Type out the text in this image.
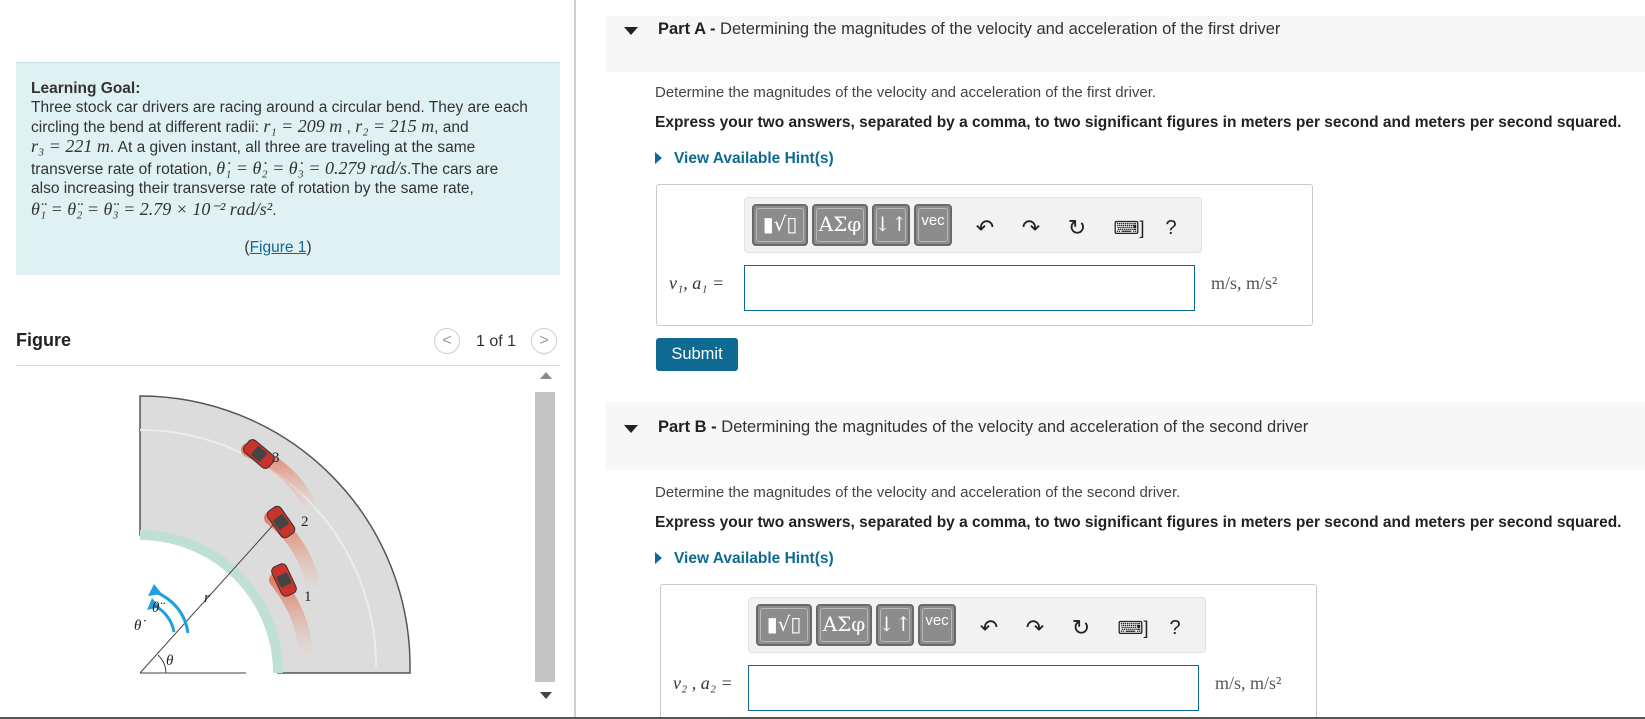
Learning Goal:

Three stock car drivers are racing around a circular bend. They are each

circling the bend at different radii: r₁ = 209 m , r₂ = 215 m, and

r₃ = 221 m. At a given instant, all three are traveling at the same

transverse rate of rotation, θ̇₁ = θ̇₂ = θ̇₃ = 0.279 rad/s.The cars are

also increasing their transverse rate of rotation by the same rate,

θ̈₁ = θ̈₂ = θ̈₃ = 2.79 × 10⁻² rad/s².

(Figure 1)
Figure	<	1 of 1	>
3
2
1
r
θ
θ̇
θ̈
Part A - Determining the magnitudes of the velocity and acceleration of the first driver
Determine the magnitudes of the velocity and acceleration of the first driver.
Express your two answers, separated by a comma, to two significant figures in meters per second and meters per second squared.
View Available Hint(s)
▮√▯	ΑΣφ ↓↑ vec ↶ ↷ ↻ ⌨]	?
v₁, a₁ =	m/s, m/s²
Submit
Part B - Determining the magnitudes of the velocity and acceleration of the second driver
Determine the magnitudes of the velocity and acceleration of the second driver.
Express your two answers, separated by a comma, to two significant figures in meters per second and meters per second squared.
View Available Hint(s)
▮√▯	ΑΣφ ↓↑ vec ↶ ↷ ↻ ⌨]	?
v₂ , a₂ =	m/s, m/s²
